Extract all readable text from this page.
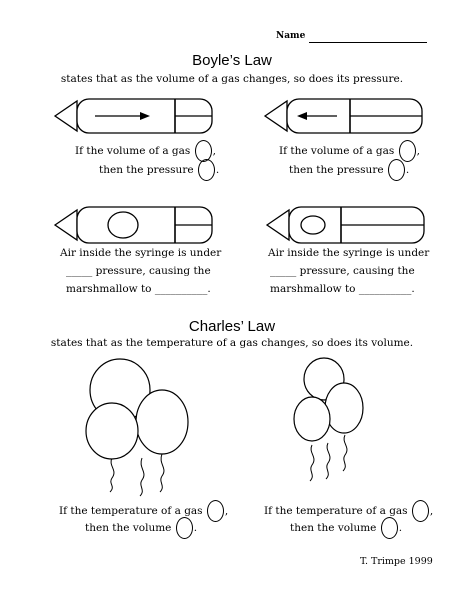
Name
Boyle’s Law
states that as the volume of a gas changes, so does its pressure.
If the volume of a gas ,
then the pressure .
If the volume of a gas ,
then the pressure .
Air inside the syringe is under
_____ pressure, causing the
marshmallow to __________.
Air inside the syringe is under
_____ pressure, causing the
marshmallow to __________.
Charles’ Law
states that as the temperature of a gas changes, so does its volume.
If the temperature of a gas ,
then the volume .
If the temperature of a gas ,
then the volume .
T. Trimpe 1999
